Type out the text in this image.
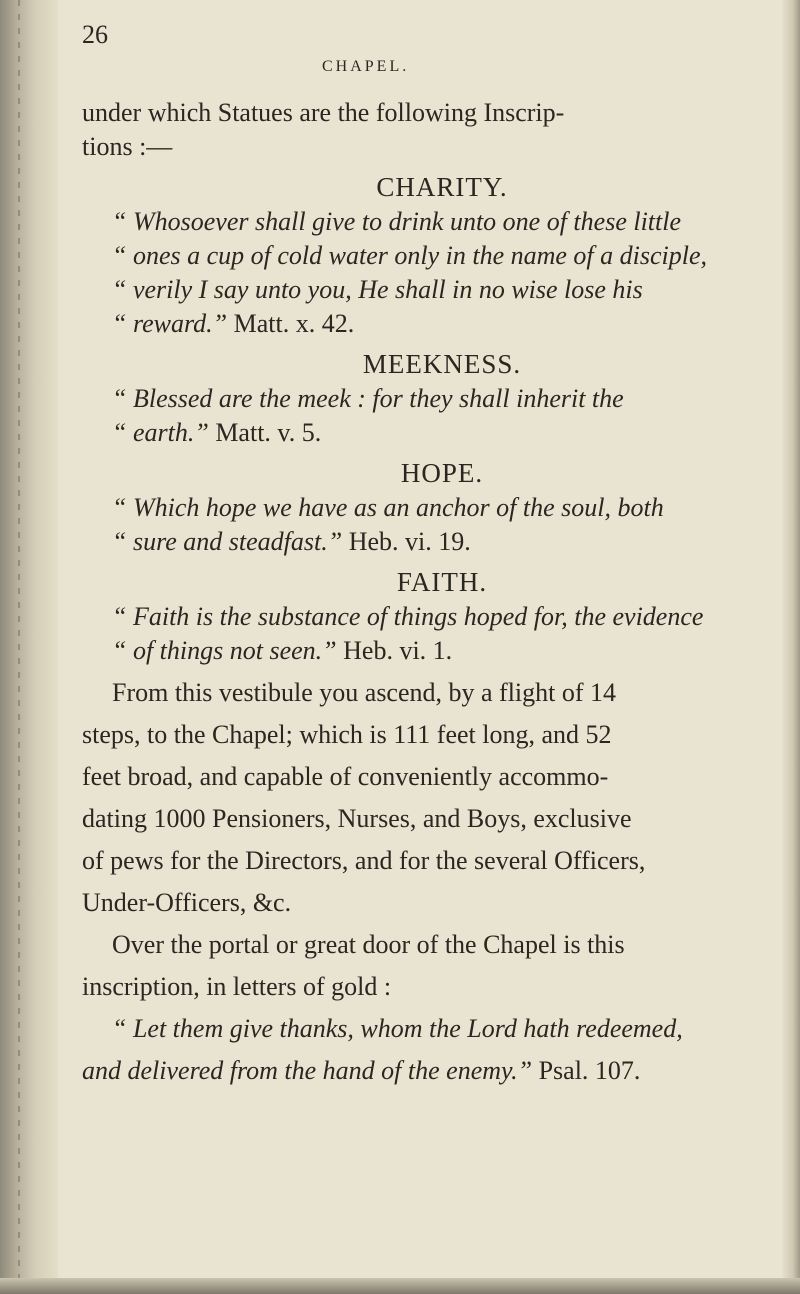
26
CHAPEL.
under which Statues are the following Inscrip-
tions :—
CHARITY.
“ Whosoever shall give to drink unto one of these little
“ ones a cup of cold water only in the name of a disciple,
“ verily I say unto you, He shall in no wise lose his
“ reward.” Matt. x. 42.
MEEKNESS.
“ Blessed are the meek : for they shall inherit the
“ earth.” Matt. v. 5.
HOPE.
“ Which hope we have as an anchor of the soul, both
“ sure and steadfast.” Heb. vi. 19.
FAITH.
“ Faith is the substance of things hoped for, the evidence
“ of things not seen.” Heb. vi. 1.
From this vestibule you ascend, by a flight of 14
steps, to the Chapel; which is 111 feet long, and 52
feet broad, and capable of conveniently accommo-
dating 1000 Pensioners, Nurses, and Boys, exclusive
of pews for the Directors, and for the several Officers,
Under-Officers, &c.
Over the portal or great door of the Chapel is this
inscription, in letters of gold :
“ Let them give thanks, whom the Lord hath redeemed,
and delivered from the hand of the enemy.” Psal. 107.
